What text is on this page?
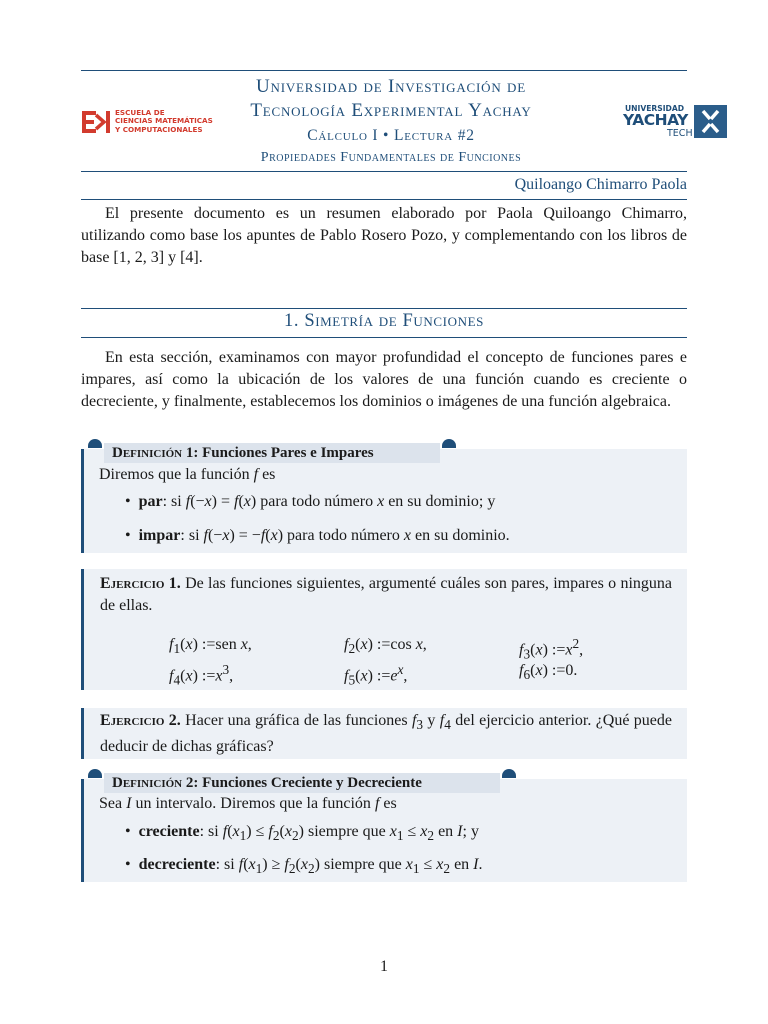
ESCUELA DE
CIENCIAS MATEMÁTICAS
Y COMPUTACIONALES
Universidad de Investigación de
Tecnología Experimental Yachay
Cálculo I • Lectura #2
Propiedades Fundamentales de Funciones
UNIVERSIDAD
YACHAY
TECH
Quiloango Chimarro Paola
El presente documento es un resumen elaborado por Paola Quiloango Chimarro, utilizando como base los apuntes de Pablo Rosero Pozo, y complementando con los libros de base [1, 2, 3] y [4].
1. Simetría de Funciones
En esta sección, examinamos con mayor profundidad el concepto de funciones pares e impares, así como la ubicación de los valores de una función cuando es creciente o decreciente, y finalmente, establecemos los dominios o imágenes de una función algebraica.
Definición 1: Funciones Pares e Impares
Diremos que la función f es
• par: si f(−x) = f(x) para todo número x en su dominio; y
• impar: si f(−x) = −f(x) para todo número x en su dominio.
Ejercicio 1. De las funciones siguientes, argumenté cuáles son pares, impares o ninguna de ellas.
$f_1(x)$ :=sen x,	$f_2(x)$ :=cos x,	$f_3(x)$ $:=x^2$,
$f_4(x)$ $:=x^3$,	$f_5(x)$ $:=e^x$,	$f_6(x)$ :=0.
Ejercicio 2. Hacer una gráfica de las funciones $f_3$ y $f_4$ del ejercicio anterior. ¿Qué puede deducir de dichas gráficas?
Definición 2: Funciones Creciente y Decreciente
Sea I un intervalo. Diremos que la función f es
• creciente: si $f(x_1) \le f_2(x_2)$ siempre que $x_1 \le x_2$ en I; y
• decreciente: si $f(x_1) \ge f_2(x_2)$ siempre que $x_1 \le x_2$ en I.
1
